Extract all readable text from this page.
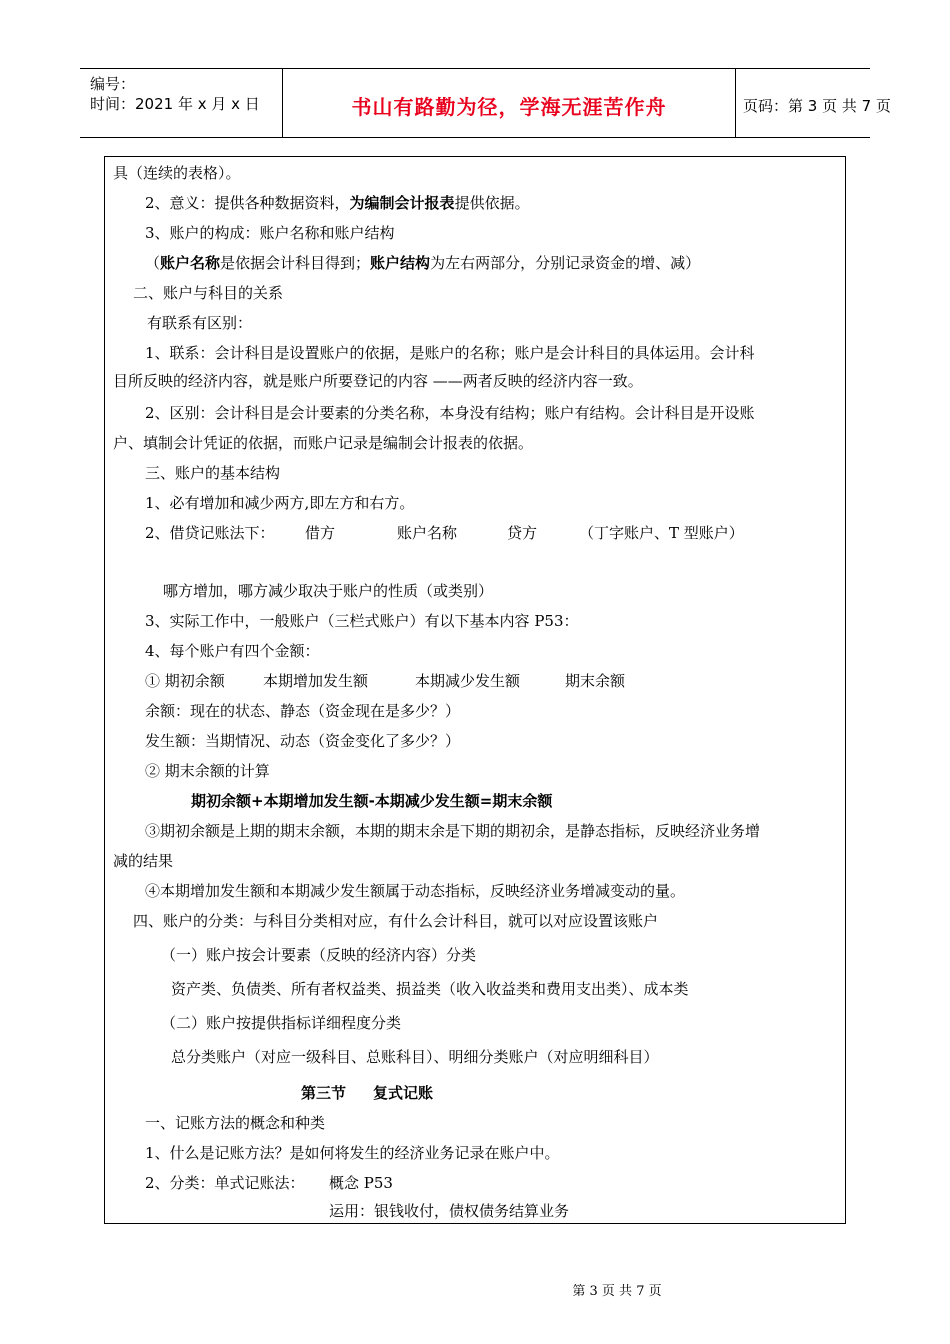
编号：
时间：2021 年 x 月 x 日	书山有路勤为径，学海无涯苦作舟	页码：第 3 页 共 7 页
具（连续的表格）。
2、意义：提供各种数据资料，为编制会计报表提供依据。
3、账户的构成：账户名称和账户结构
（账户名称是依据会计科目得到；账户结构为左右两部分，分别记录资金的增、减）
二、账户与科目的关系
有联系有区别：
1、联系：会计科目是设置账户的依据，是账户的名称；账户是会计科目的具体运用。会计科
目所反映的经济内容，就是账户所要登记的内容 ——两者反映的经济内容一致。
2、区别：会计科目是会计要素的分类名称，本身没有结构；账户有结构。会计科目是开设账
户、填制会计凭证的依据，而账户记录是编制会计报表的依据。
三、账户的基本结构
1、必有增加和减少两方,即左方和右方。
2、借贷记账法下： 借方	账户名称	贷方	（丁字账户、T 型账户）
哪方增加，哪方减少取决于账户的性质（或类别）
3、实际工作中，一般账户（三栏式账户）有以下基本内容 P53：
4、每个账户有四个金额：
① 期初余额	本期增加发生额	本期减少发生额	期末余额
余额：现在的状态、静态（资金现在是多少？）
发生额：当期情况、动态（资金变化了多少？）
② 期末余额的计算
期初余额+本期增加发生额-本期减少发生额=期末余额
③期初余额是上期的期末余额，本期的期末余是下期的期初余，是静态指标，反映经济业务增
减的结果
④本期增加发生额和本期减少发生额属于动态指标，反映经济业务增减变动的量。
四、账户的分类：与科目分类相对应，有什么会计科目，就可以对应设置该账户
（一）账户按会计要素（反映的经济内容）分类
资产类、负债类、所有者权益类、损益类（收入收益类和费用支出类）、成本类
（二）账户按提供指标详细程度分类
总分类账户（对应一级科目、总账科目）、明细分类账户（对应明细科目）
第三节 复式记账
一、记账方法的概念和种类
1、什么是记账方法？是如何将发生的经济业务记录在账户中。
2、分类：单式记账法： 概念 P53
运用：银钱收付，债权债务结算业务
第 3 页 共 7 页
